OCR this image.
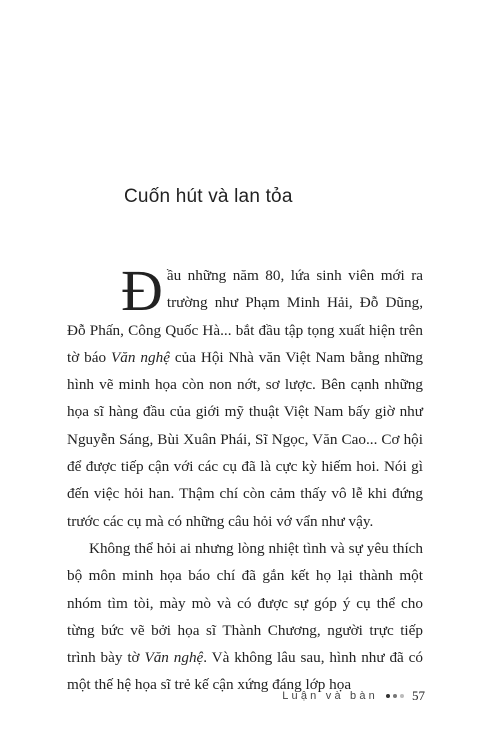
Cuốn hút và lan tỏa

Đầu những năm 80, lứa sinh viên mới ra trường như Phạm Minh Hải, Đỗ Dũng, Đỗ Phấn, Công Quốc Hà... bắt đầu tập tọng xuất hiện trên tờ báo Văn nghệ của Hội Nhà văn Việt Nam bằng những hình vẽ minh họa còn non nớt, sơ lược. Bên cạnh những họa sĩ hàng đầu của giới mỹ thuật Việt Nam bấy giờ như Nguyễn Sáng, Bùi Xuân Phái, Sĩ Ngọc, Văn Cao... Cơ hội để được tiếp cận với các cụ đã là cực kỳ hiếm hoi. Nói gì đến việc hỏi han. Thậm chí còn cảm thấy vô lễ khi đứng trước các cụ mà có những câu hỏi vớ vẩn như vậy.

Không thể hỏi ai nhưng lòng nhiệt tình và sự yêu thích bộ môn minh họa báo chí đã gắn kết họ lại thành một nhóm tìm tòi, mày mò và có được sự góp ý cụ thể cho từng bức vẽ bởi họa sĩ Thành Chương, người trực tiếp trình bày tờ Văn nghệ. Và không lâu sau, hình như đã có một thế hệ họa sĩ trẻ kế cận xứng đáng lớp họa

Luận và bàn	57
